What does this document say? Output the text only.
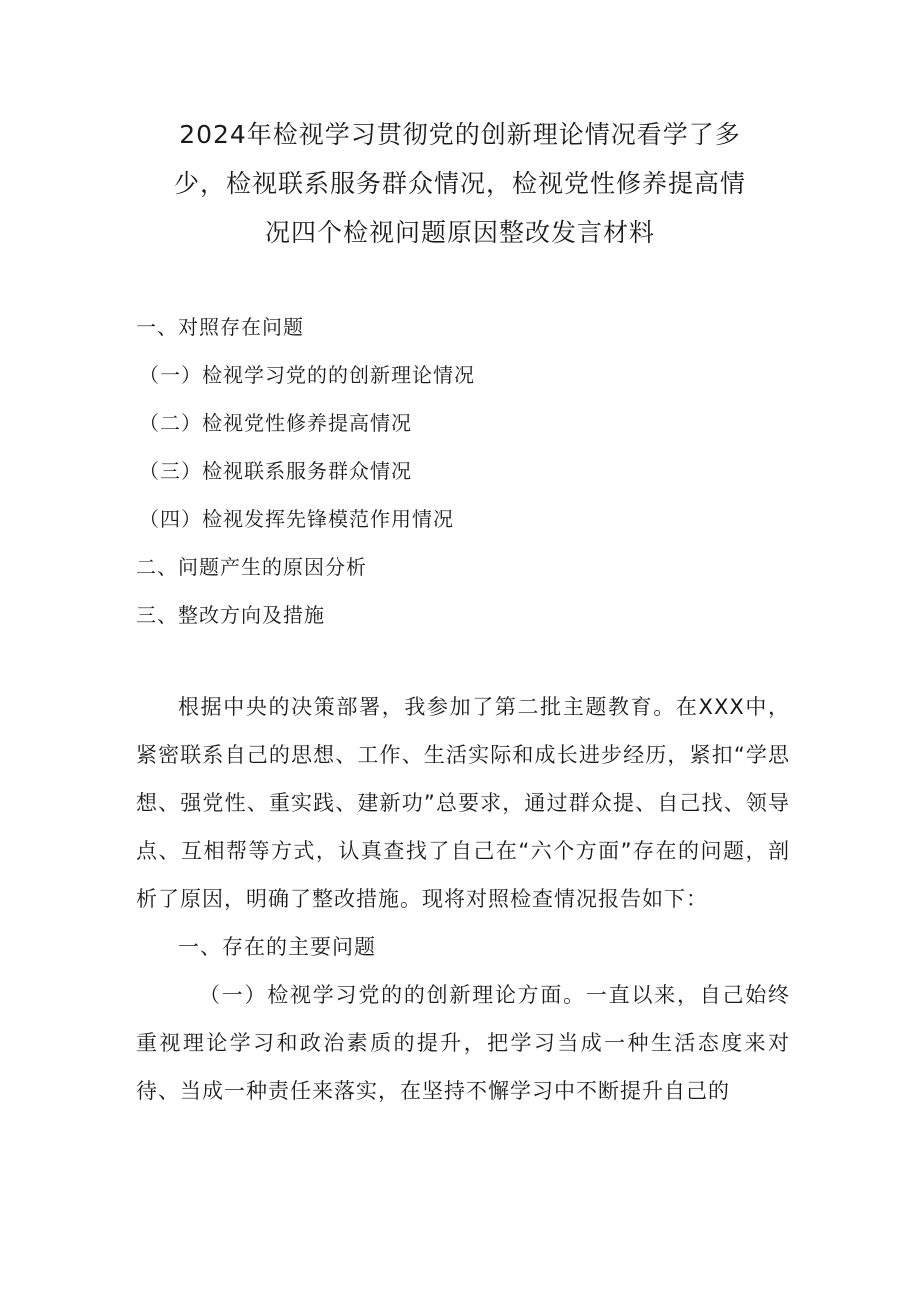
2024年检视学习贯彻党的创新理论情况看学了多
少，检视联系服务群众情况，检视党性修养提高情
况四个检视问题原因整改发言材料
一、对照存在问题
（一）检视学习党的的创新理论情况
（二）检视党性修养提高情况
（三）检视联系服务群众情况
（四）检视发挥先锋模范作用情况
二、问题产生的原因分析
三、整改方向及措施

根据中央的决策部署，我参加了第二批主题教育。在XXX中，紧密联系自己的思想、工作、生活实际和成长进步经历，紧扣“学思想、强党性、重实践、建新功”总要求，通过群众提、自己找、领导点、互相帮等方式，认真查找了自己在“六个方面”存在的问题，剖析了原因，明确了整改措施。现将对照检查情况报告如下：

一、存在的主要问题

（一）检视学习党的的创新理论方面。一直以来，自己始终重视理论学习和政治素质的提升，把学习当成一种生活态度来对待、当成一种责任来落实，在坚持不懈学习中不断提升自己的
